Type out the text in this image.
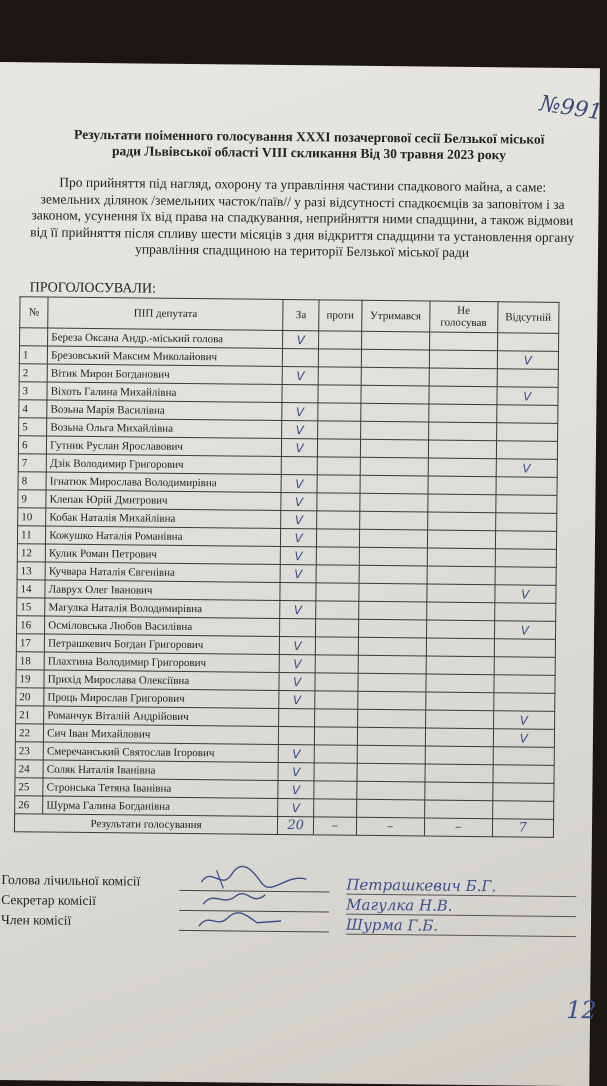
№991
Результати поіменного голосування XXXI позачергової сесії Белзької міської ради Львівської області VIII скликання Від 30 травня 2023 року
Про прийняття під нагляд, охорону та управління частини спадкового майна, а саме: земельних ділянок /земельних часток/паїв// у разі відсутності спадкоємців за заповітом і за законом, усунення їх від права на спадкування, неприйняття ними спадщини, а також відмови від її прийняття після спливу шести місяців з дня відкриття спадщини та установлення органу управління спадщиною на території Белзької міської ради
ПРОГОЛОСУВАЛИ:
№	ПІП депутата	За	проти	Утримався	Не голосував	Відсутній
	Береза Оксана Андр.-міський голова	V				
1	Брезовський Максим Миколайович					V
2	Вітик Мирон Богданович	V				
3	Віхоть Галина Михайлівна					V
4	Возьна Марія Василівна	V				
5	Возьна Ольга Михайлівна	V				
6	Гутник Руслан Ярославович	V				
7	Дзік Володимир Григорович					V
8	Ігнатюк Мирослава Володимирівна	V				
9	Клепак Юрій Дмитрович	V				
10	Кобак Наталія Михайлівна	V				
11	Кожушко Наталія Романівна	V				
12	Кулик Роман Петрович	V				
13	Кучвара Наталія Євгенівна	V				
14	Лаврух Олег Іванович					V
15	Магулка Наталія Володимирівна	V				
16	Осміловська Любов Василівна					V
17	Петрашкевич Богдан Григорович	V				
18	Плахтина Володимир Григорович	V				
19	Прихід Мирослава Олексіївна	V				
20	Проць Мирослав Григорович	V				
21	Романчук Віталій Андрійович					V
22	Сич Іван Михайлович					V
23	Смеречанський Святослав Ігорович	V				
24	Соляк Наталія Іванівна	V				
25	Стронська Тетяна Іванівна	V				
26	Шурма Галина Богданівна	V				
Результати голосування		20	–	–	–	7
Голова лічильної комісії	Петрашкевич Б.Г.
Секретар комісії	Магулка Н.В.
Член комісії	Шурма Г.Б.
12
